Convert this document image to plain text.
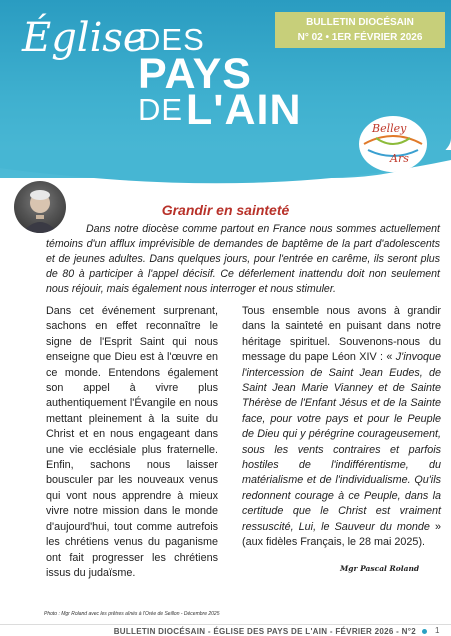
Église
DES
PAYS
DE L'AIN
BULLETIN DIOCÉSAIN
N° 02 • 1ER FÉVRIER 2026
Belley
Ars
Grandir en sainteté
Dans notre diocèse comme partout en France nous sommes actuellement témoins d'un afflux imprévisible de demandes de baptême de la part d'adolescents et de jeunes adultes. Dans quelques jours, pour l'entrée en carême, ils seront plus de 80 à participer à l'appel décisif. Ce déferlement inattendu doit non seulement nous réjouir, mais également nous interroger et nous stimuler.
Dans cet événement surprenant, sachons en effet reconnaître le signe de l'Esprit Saint qui nous enseigne que Dieu est à l'œuvre en ce monde. Entendons également son appel à vivre plus authentiquement l'Évangile en nous mettant pleinement à la suite du Christ et en nous engageant dans une vie ecclésiale plus fraternelle. Enfin, sachons nous laisser bousculer par les nouveaux venus qui vont nous apprendre à mieux vivre notre mission dans le monde d'aujourd'hui, tout comme autrefois les chrétiens venus du paganisme ont fait progresser les chrétiens issus du judaïsme.
Tous ensemble nous avons à grandir dans la sainteté en puisant dans notre héritage spirituel. Souvenons-nous du message du pape Léon XIV : « J'invoque l'intercession de Saint Jean Eudes, de Saint Jean Marie Vianney et de Sainte Thérèse de l'Enfant Jésus et de la Sainte face, pour votre pays et pour le Peuple de Dieu qui y pérégrine courageusement, sous les vents contraires et parfois hostiles de l'indifférentisme, du matérialisme et de l'individualisme. Qu'ils redonnent courage à ce Peuple, dans la certitude que le Christ est vraiment ressuscité, Lui, le Sauveur du monde » (aux fidèles Français, le 28 mai 2025).
Mgr Pascal Roland
Photo : Mgr Roland avec les prêtres aînés à l'Orée de Seillon - Décembre 2025
BULLETIN DIOCÉSAIN - ÉGLISE DES PAYS DE L'AIN - FÉVRIER 2026 - N°2 1
